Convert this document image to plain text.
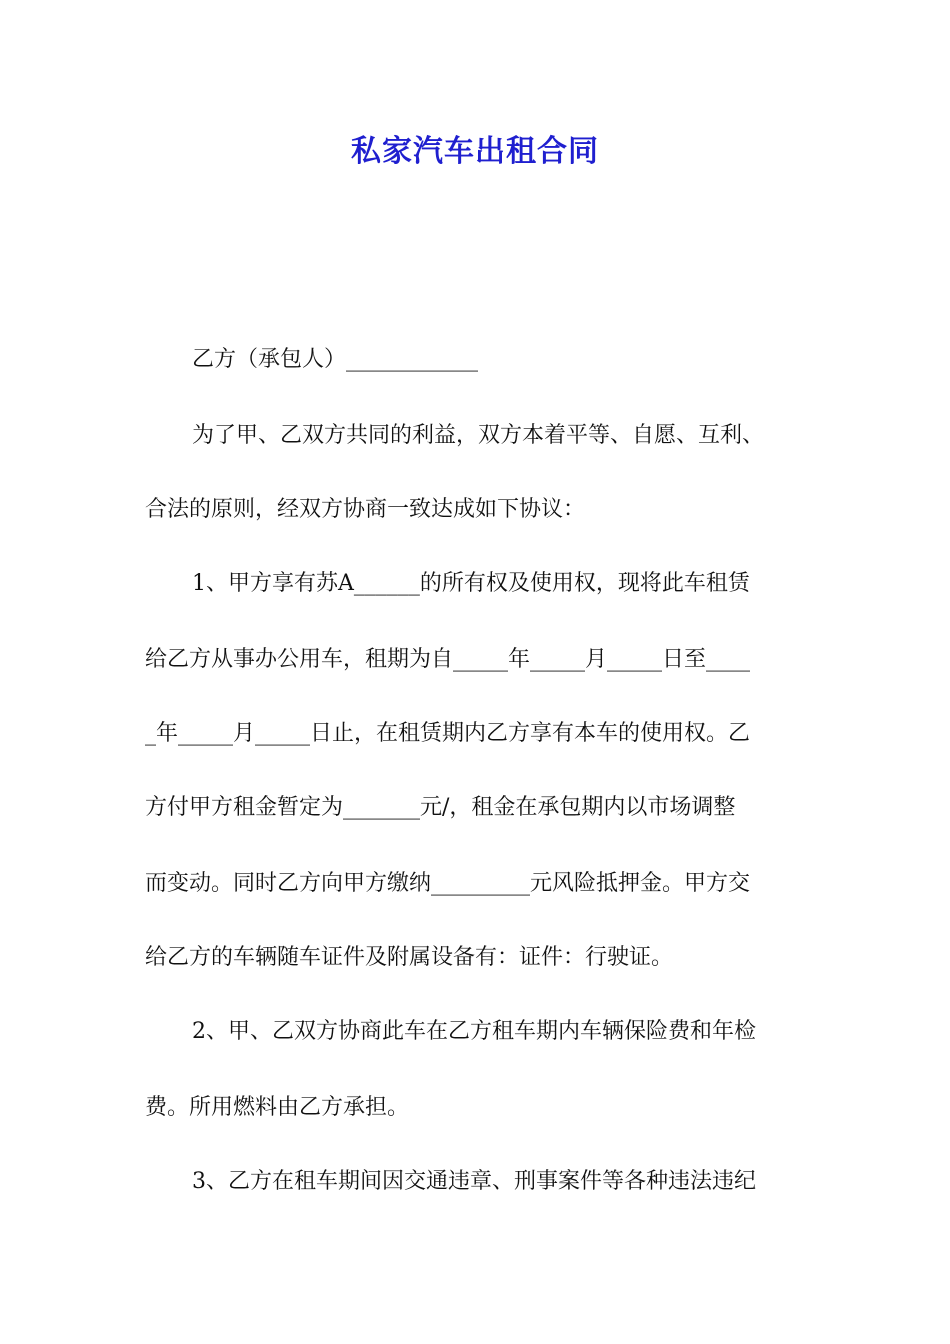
私家汽车出租合同
乙方（承包人）____________
为了甲、乙双方共同的利益，双方本着平等、自愿、互利、
合法的原则，经双方协商一致达成如下协议：
1、甲方享有苏A______的所有权及使用权，现将此车租赁
给乙方从事办公用车，租期为自_____年_____月_____日至____
_年_____月_____日止，在租赁期内乙方享有本车的使用权。乙
方付甲方租金暂定为_______元/，租金在承包期内以市场调整
而变动。同时乙方向甲方缴纳_________元风险抵押金。甲方交
给乙方的车辆随车证件及附属设备有：证件：行驶证。
2、甲、乙双方协商此车在乙方租车期内车辆保险费和年检
费。所用燃料由乙方承担。
3、乙方在租车期间因交通违章、刑事案件等各种违法违纪
